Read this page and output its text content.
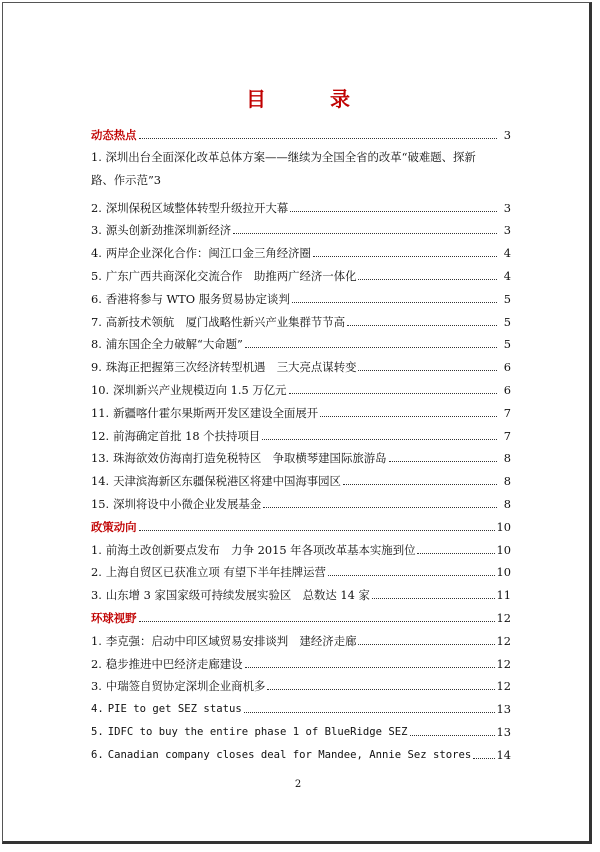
目　录
动态热点	3
1. 深圳出台全面深化改革总体方案——继续为全国全省的改革“破难题、探新
路、作示范” 3
2. 深圳保税区域整体转型升级拉开大幕	3
3. 源头创新劲推深圳新经济	3
4. 两岸企业深化合作：闽江口金三角经济圈	4
5. 广东广西共商深化交流合作　助推两广经济一体化	4
6. 香港将参与 WTO 服务贸易协定谈判	5
7. 高新技术领航　厦门战略性新兴产业集群节节高	5
8. 浦东国企全力破解“大命题”	5
9. 珠海正把握第三次经济转型机遇　三大亮点谋转变	6
10. 深圳新兴产业规模迈向 1.5 万亿元	6
11. 新疆喀什霍尔果斯两开发区建设全面展开	7
12. 前海确定首批 18 个扶持项目	7
13. 珠海欲效仿海南打造免税特区　争取横琴建国际旅游岛	8
14. 天津滨海新区东疆保税港区将建中国海事园区	8
15. 深圳将设中小微企业发展基金	8
政策动向	10
1. 前海土改创新要点发布　力争 2015 年各项改革基本实施到位	10
2. 上海自贸区已获准立项 有望下半年挂牌运营	10
3. 山东增 3 家国家级可持续发展实验区　总数达 14 家	11
环球视野	12
1. 李克强：启动中印区域贸易安排谈判　建经济走廊	12
2. 稳步推进中巴经济走廊建设	12
3. 中瑞签自贸协定深圳企业商机多	12
4. PIE to get SEZ status	13
5. IDFC to buy the entire phase 1 of BlueRidge SEZ	13
6. Canadian company closes deal for Mandee, Annie Sez stores 14
2
